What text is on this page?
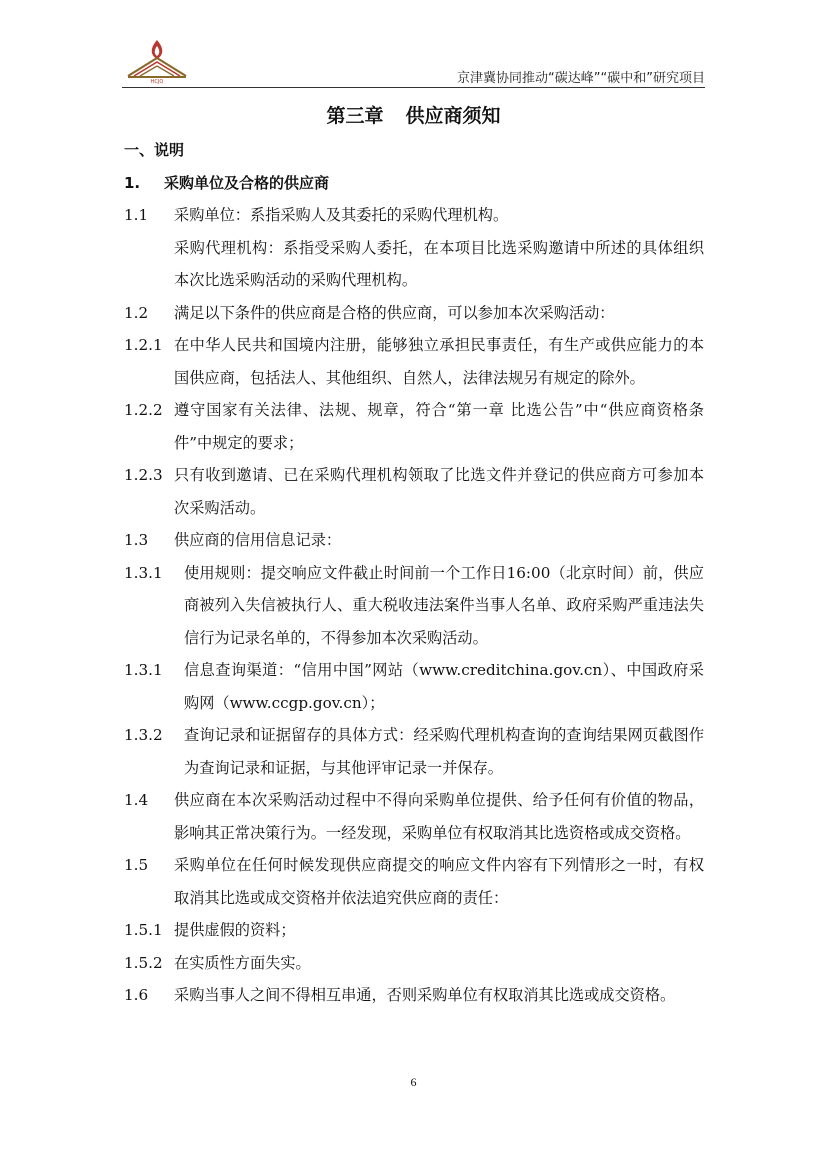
HCJQ	京津冀协同推动“碳达峰”“碳中和”研究项目
第三章 供应商须知
一、说明
1.	采购单位及合格的供应商
1.1	采购单位：系指采购人及其委托的采购代理机构。
采购代理机构：系指受采购人委托，在本项目比选采购邀请中所述的具体组织本次比选采购活动的采购代理机构。
1.2	满足以下条件的供应商是合格的供应商，可以参加本次采购活动：
1.2.1 在中华人民共和国境内注册，能够独立承担民事责任，有生产或供应能力的本国供应商，包括法人、其他组织、自然人，法律法规另有规定的除外。
1.2.2 遵守国家有关法律、法规、规章，符合“第一章 比选公告”中“供应商资格条件”中规定的要求；
1.2.3 只有收到邀请、已在采购代理机构领取了比选文件并登记的供应商方可参加本次采购活动。
1.3	供应商的信用信息记录：
1.3.1	使用规则：提交响应文件截止时间前一个工作日16:00（北京时间）前，供应商被列入失信被执行人、重大税收违法案件当事人名单、政府采购严重违法失信行为记录名单的，不得参加本次采购活动。
1.3.1	信息查询渠道：“信用中国”网站（www.creditchina.gov.cn）、中国政府采购网（www.ccgp.gov.cn）；
1.3.2	查询记录和证据留存的具体方式：经采购代理机构查询的查询结果网页截图作为查询记录和证据，与其他评审记录一并保存。
1.4	供应商在本次采购活动过程中不得向采购单位提供、给予任何有价值的物品，影响其正常决策行为。一经发现，采购单位有权取消其比选资格或成交资格。
1.5	采购单位在任何时候发现供应商提交的响应文件内容有下列情形之一时，有权取消其比选或成交资格并依法追究供应商的责任：
1.5.1 提供虚假的资料；
1.5.2 在实质性方面失实。
1.6	采购当事人之间不得相互串通，否则采购单位有权取消其比选或成交资格。
6
